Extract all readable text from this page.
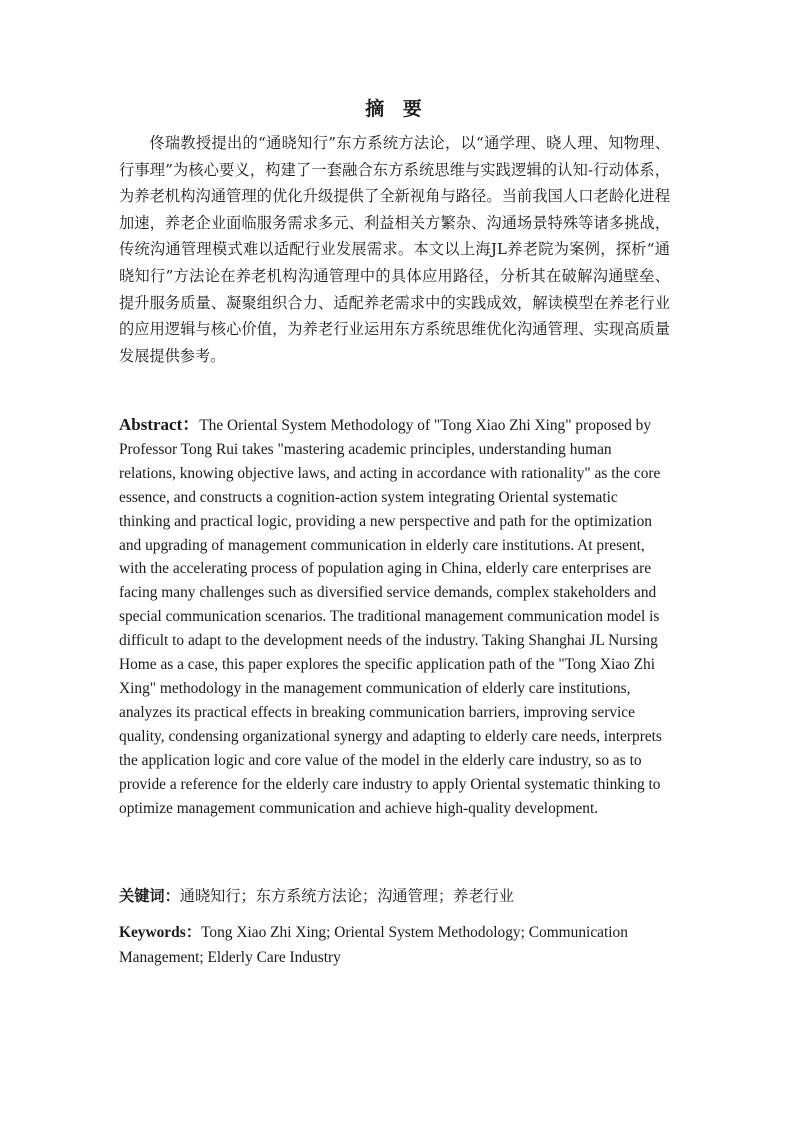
摘 要

佟瑞教授提出的“通晓知行”东方系统方法论，以“通学理、晓人理、知物理、行事理”为核心要义，构建了一套融合东方系统思维与实践逻辑的认知-行动体系，为养老机构沟通管理的优化升级提供了全新视角与路径。当前我国人口老龄化进程加速，养老企业面临服务需求多元、利益相关方繁杂、沟通场景特殊等诸多挑战，传统沟通管理模式难以适配行业发展需求。本文以上海JL养老院为案例，探析“通晓知行”方法论在养老机构沟通管理中的具体应用路径，分析其在破解沟通壁垒、提升服务质量、凝聚组织合力、适配养老需求中的实践成效，解读模型在养老行业的应用逻辑与核心价值，为养老行业运用东方系统思维优化沟通管理、实现高质量发展提供参考。

Abstract：The Oriental System Methodology of "Tong Xiao Zhi Xing" proposed by Professor Tong Rui takes "mastering academic principles, understanding human relations, knowing objective laws, and acting in accordance with rationality" as the core essence, and constructs a cognition-action system integrating Oriental systematic thinking and practical logic, providing a new perspective and path for the optimization and upgrading of management communication in elderly care institutions. At present, with the accelerating process of population aging in China, elderly care enterprises are facing many challenges such as diversified service demands, complex stakeholders and special communication scenarios. The traditional management communication model is difficult to adapt to the development needs of the industry. Taking Shanghai JL Nursing Home as a case, this paper explores the specific application path of the "Tong Xiao Zhi Xing" methodology in the management communication of elderly care institutions, analyzes its practical effects in breaking communication barriers, improving service quality, condensing organizational synergy and adapting to elderly care needs, interprets the application logic and core value of the model in the elderly care industry, so as to provide a reference for the elderly care industry to apply Oriental systematic thinking to optimize management communication and achieve high-quality development.

关键词：通晓知行；东方系统方法论；沟通管理；养老行业

Keywords：Tong Xiao Zhi Xing; Oriental System Methodology; Communication Management; Elderly Care Industry
